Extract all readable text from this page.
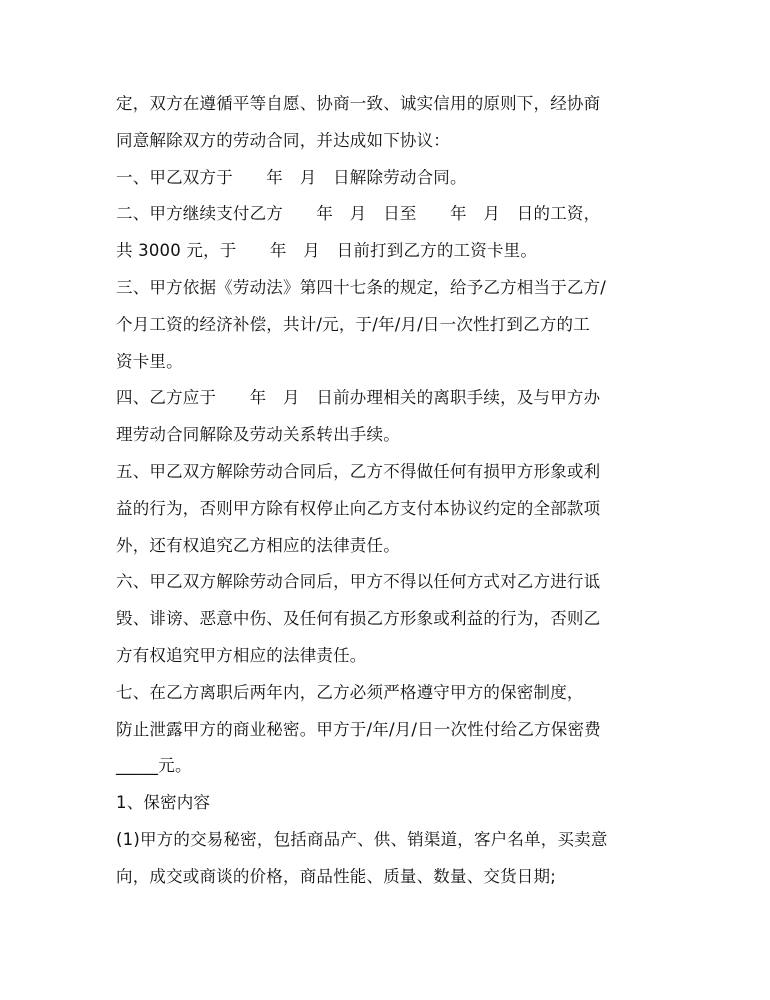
定，双方在遵循平等自愿、协商一致、诚实信用的原则下，经协商
同意解除双方的劳动合同，并达成如下协议：
一、甲乙双方于　　年　月　日解除劳动合同。
二、甲方继续支付乙方　　年　月　日至　　年　月　日的工资，
共 3000 元，于　　年　月　日前打到乙方的工资卡里。
三、甲方依据《劳动法》第四十七条的规定，给予乙方相当于乙方/
个月工资的经济补偿，共计/元，于/年/月/日一次性打到乙方的工
资卡里。
四、乙方应于　　年　月　日前办理相关的离职手续，及与甲方办
理劳动合同解除及劳动关系转出手续。
五、甲乙双方解除劳动合同后，乙方不得做任何有损甲方形象或利
益的行为，否则甲方除有权停止向乙方支付本协议约定的全部款项
外，还有权追究乙方相应的法律责任。
六、甲乙双方解除劳动合同后，甲方不得以任何方式对乙方进行诋
毁、诽谤、恶意中伤、及任何有损乙方形象或利益的行为，否则乙
方有权追究甲方相应的法律责任。
七、在乙方离职后两年内，乙方必须严格遵守甲方的保密制度，
防止泄露甲方的商业秘密。甲方于/年/月/日一次性付给乙方保密费
_____元。
1、保密内容
(1)甲方的交易秘密，包括商品产、供、销渠道，客户名单，买卖意
向，成交或商谈的价格，商品性能、质量、数量、交货日期;
